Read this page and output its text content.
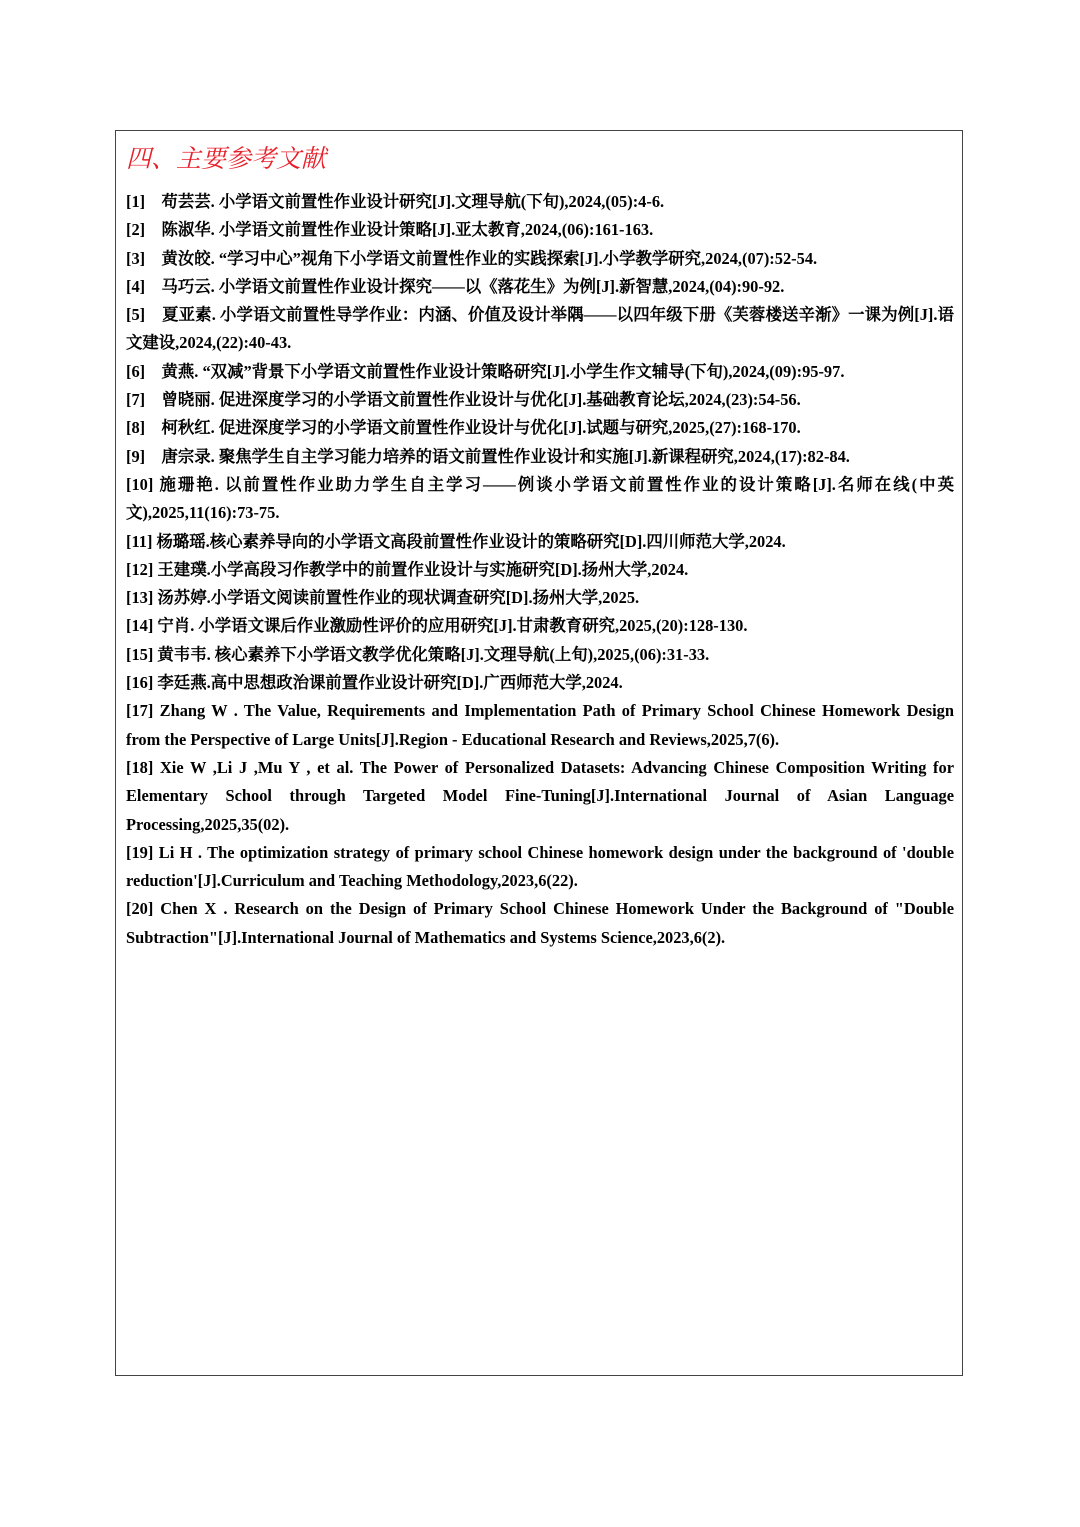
四、主要参考文献
[1] 苟芸芸. 小学语文前置性作业设计研究[J].文理导航(下旬),2024,(05):4-6.
[2] 陈淑华. 小学语文前置性作业设计策略[J].亚太教育,2024,(06):161-163.
[3] 黄汝皎. “学习中心”视角下小学语文前置性作业的实践探索[J].小学教学研究,2024,(07):52-54.
[4] 马巧云. 小学语文前置性作业设计探究——以《落花生》为例[J].新智慧,2024,(04):90-92.
[5] 夏亚素. 小学语文前置性导学作业：内涵、价值及设计举隅——以四年级下册《芙蓉楼送辛渐》一课为例[J].语文建设,2024,(22):40-43.
[6] 黄燕. “双减”背景下小学语文前置性作业设计策略研究[J].小学生作文辅导(下旬),2024,(09):95-97.
[7] 曾晓丽. 促进深度学习的小学语文前置性作业设计与优化[J].基础教育论坛,2024,(23):54-56.
[8] 柯秋红. 促进深度学习的小学语文前置性作业设计与优化[J].试题与研究,2025,(27):168-170.
[9] 唐宗录. 聚焦学生自主学习能力培养的语文前置性作业设计和实施[J].新课程研究,2024,(17):82-84.
[10] 施珊艳. 以前置性作业助力学生自主学习——例谈小学语文前置性作业的设计策略[J].名师在线(中英文),2025,11(16):73-75.
[11] 杨璐瑶.核心素养导向的小学语文高段前置性作业设计的策略研究[D].四川师范大学,2024.
[12] 王建璞.小学高段习作教学中的前置作业设计与实施研究[D].扬州大学,2024.
[13] 汤苏婷.小学语文阅读前置性作业的现状调查研究[D].扬州大学,2025.
[14] 宁肖. 小学语文课后作业激励性评价的应用研究[J].甘肃教育研究,2025,(20):128-130.
[15] 黄韦韦. 核心素养下小学语文教学优化策略[J].文理导航(上旬),2025,(06):31-33.
[16] 李廷燕.高中思想政治课前置作业设计研究[D].广西师范大学,2024.
[17] Zhang W . The Value, Requirements and Implementation Path of Primary School Chinese Homework Design from the Perspective of Large Units[J].Region - Educational Research and Reviews,2025,7(6).
[18] Xie W ,Li J ,Mu Y , et al. The Power of Personalized Datasets: Advancing Chinese Composition Writing for Elementary School through Targeted Model Fine-Tuning[J].International Journal of Asian Language Processing,2025,35(02).
[19] Li H . The optimization strategy of primary school Chinese homework design under the background of 'double reduction'[J].Curriculum and Teaching Methodology,2023,6(22).
[20] Chen X . Research on the Design of Primary School Chinese Homework Under the Background of "Double Subtraction"[J].International Journal of Mathematics and Systems Science,2023,6(2).
